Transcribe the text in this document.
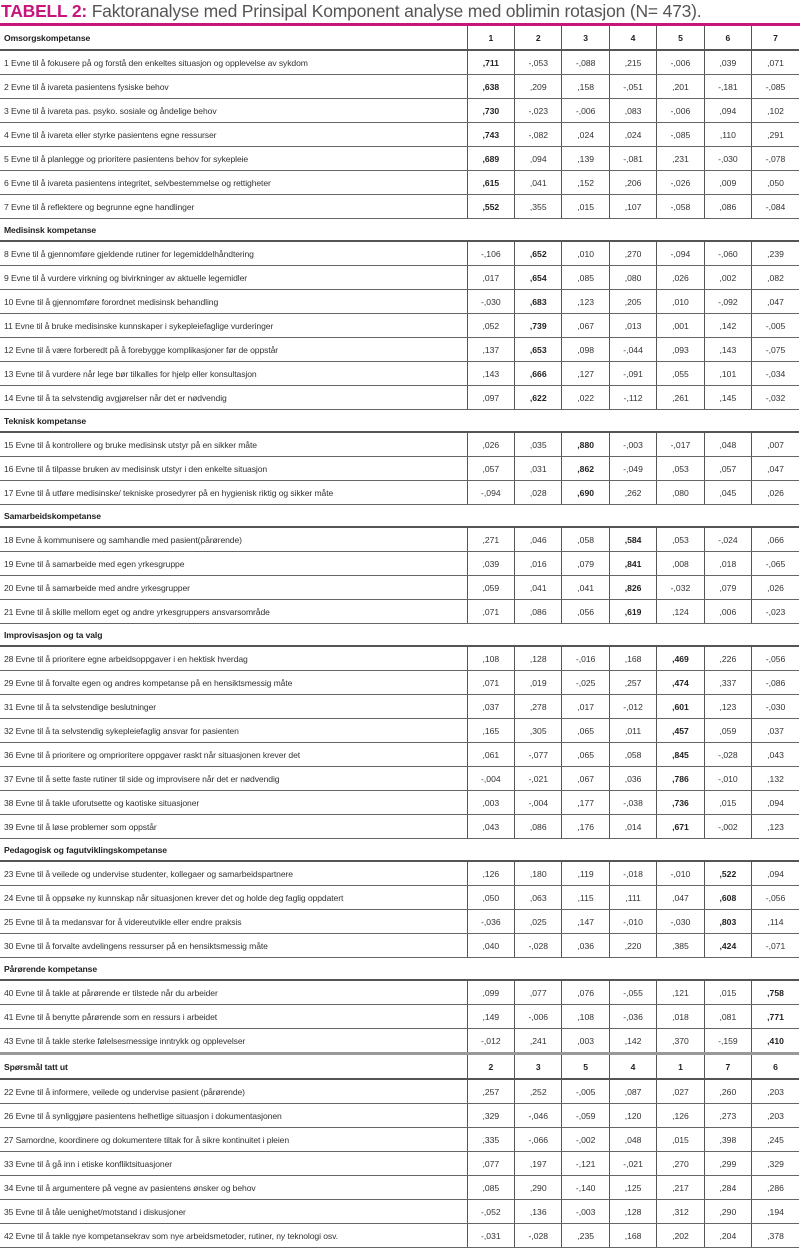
TABELL 2: Faktoranalyse med Prinsipal Komponent analyse med oblimin rotasjon (N= 473).
Omsorgskompetanse	1	2	3	4	5	6	7
1 Evne til å fokusere på og forstå den enkeltes situasjon og opplevelse av sykdom	,711	-,053	-,088	,215	-,006	,039	,071
2 Evne til å ivareta pasientens fysiske behov	,638	,209	,158	-,051	,201	-,181	-,085
3 Evne til å ivareta pas. psyko. sosiale og åndelige behov	,730	-,023	-,006	,083	-,006	,094	,102
4 Evne til å ivareta eller styrke pasientens egne ressurser	,743	-,082	,024	,024	-,085	,110	,291
5 Evne til å planlegge og prioritere pasientens behov for sykepleie	,689	,094	,139	-,081	,231	-,030	-,078
6 Evne til å ivareta pasientens integritet, selvbestemmelse og rettigheter	,615	,041	,152	,206	-,026	,009	,050
7 Evne til å reflektere og begrunne egne handlinger	,552	,355	,015	,107	-,058	,086	-,084
Medisinsk kompetanse							
8 Evne til å gjennomføre gjeldende rutiner for legemiddelhåndtering	-,106	,652	,010	,270	-,094	-,060	,239
9 Evne til å vurdere virkning og bivirkninger av aktuelle legemidler	,017	,654	,085	,080	,026	,002	,082
10 Evne til å gjennomføre forordnet medisinsk behandling	-,030	,683	,123	,205	,010	-,092	,047
11 Evne til å bruke medisinske kunnskaper i sykepleiefaglige vurderinger	,052	,739	,067	,013	,001	,142	-,005
12 Evne til å være forberedt på å forebygge komplikasjoner før de oppstår	,137	,653	,098	-,044	,093	,143	-,075
13 Evne til å vurdere når lege bør tilkalles for hjelp eller konsultasjon	,143	,666	,127	-,091	,055	,101	-,034
14 Evne til å ta selvstendig avgjørelser når det er nødvendig	,097	,622	,022	-,112	,261	,145	-,032
Teknisk kompetanse							
15 Evne til å kontrollere og bruke medisinsk utstyr på en sikker måte	,026	,035	,880	-,003	-,017	,048	,007
16 Evne til å tilpasse bruken av medisinsk utstyr i den enkelte situasjon	,057	,031	,862	-,049	,053	,057	,047
17 Evne til å utføre medisinske/ tekniske prosedyrer på en hygienisk riktig og sikker måte	-,094	,028	,690	,262	,080	,045	,026
Samarbeidskompetanse							
18 Evne å kommunisere og samhandle med pasient(pårørende)	,271	,046	,058	,584	,053	-,024	,066
19 Evne til å samarbeide med egen yrkesgruppe	,039	,016	,079	,841	,008	,018	-,065
20 Evne til å samarbeide med andre yrkesgrupper	,059	,041	,041	,826	-,032	,079	,026
21 Evne til å skille mellom eget og andre yrkesgruppers ansvarsområde	,071	,086	,056	,619	,124	,006	-,023
Improvisasjon og ta valg							
28 Evne til å prioritere egne arbeidsoppgaver i en hektisk hverdag	,108	,128	-,016	,168	,469	,226	-,056
29 Evne til å forvalte egen og andres kompetanse på en hensiktsmessig måte	,071	,019	-,025	,257	,474	,337	-,086
31 Evne til å ta selvstendige beslutninger	,037	,278	,017	-,012	,601	,123	-,030
32 Evne til å ta selvstendig sykepleiefaglig ansvar for pasienten	,165	,305	,065	,011	,457	,059	,037
36 Evne til å prioritere og omprioritere oppgaver raskt når situasjonen krever det	,061	-,077	,065	,058	,845	-,028	,043
37 Evne til å sette faste rutiner til side og improvisere når det er nødvendig	-,004	-,021	,067	,036	,786	-,010	,132
38 Evne til å takle uforutsette og kaotiske situasjoner	,003	-,004	,177	-,038	,736	,015	,094
39 Evne til å løse problemer som oppstår	,043	,086	,176	,014	,671	-,002	,123
Pedagogisk og fagutviklingskompetanse							
23 Evne til å veilede og undervise studenter, kollegaer og samarbeidspartnere	,126	,180	,119	-,018	-,010	,522	,094
24 Evne til å oppsøke ny kunnskap når situasjonen krever det og holde deg faglig oppdatert	,050	,063	,115	,111	,047	,608	-,056
25 Evne til å ta medansvar for å videreutvikle eller endre praksis	-,036	,025	,147	-,010	-,030	,803	,114
30 Evne til å forvalte avdelingens ressurser på en hensiktsmessig måte	,040	-,028	,036	,220	,385	,424	-,071
Pårørende kompetanse							
40 Evne til å takle at pårørende er tilstede når du arbeider	,099	,077	,076	-,055	,121	,015	,758
41 Evne til å benytte pårørende som en ressurs i arbeidet	,149	-,006	,108	-,036	,018	,081	,771
43 Evne til å takle sterke følelsesmessige inntrykk og opplevelser	-,012	,241	,003	,142	,370	-,159	,410
Spørsmål tatt ut	2	3	5	4	1	7	6
22 Evne til å informere, veilede og undervise pasient (pårørende)	,257	,252	-,005	,087	,027	,260	,203
26 Evne til å synliggjøre pasientens helhetlige situasjon i dokumentasjonen	,329	-,046	-,059	,120	,126	,273	,203
27 Samordne, koordinere og dokumentere tiltak for å sikre kontinuitet i pleien	,335	-,066	-,002	,048	,015	,398	,245
33 Evne til å gå inn i etiske konfliktsituasjoner	,077	,197	-,121	-,021	,270	,299	,329
34 Evne til å argumentere på vegne av pasientens ønsker og behov	,085	,290	-,140	,125	,217	,284	,286
35 Evne til å tåle uenighet/motstand i diskusjoner	-,052	,136	-,003	,128	,312	,290	,194
42 Evne til å takle nye kompetansekrav som nye arbeidsmetoder, rutiner, ny teknologi osv.	-,031	-,028	,235	,168	,202	,204	,378
